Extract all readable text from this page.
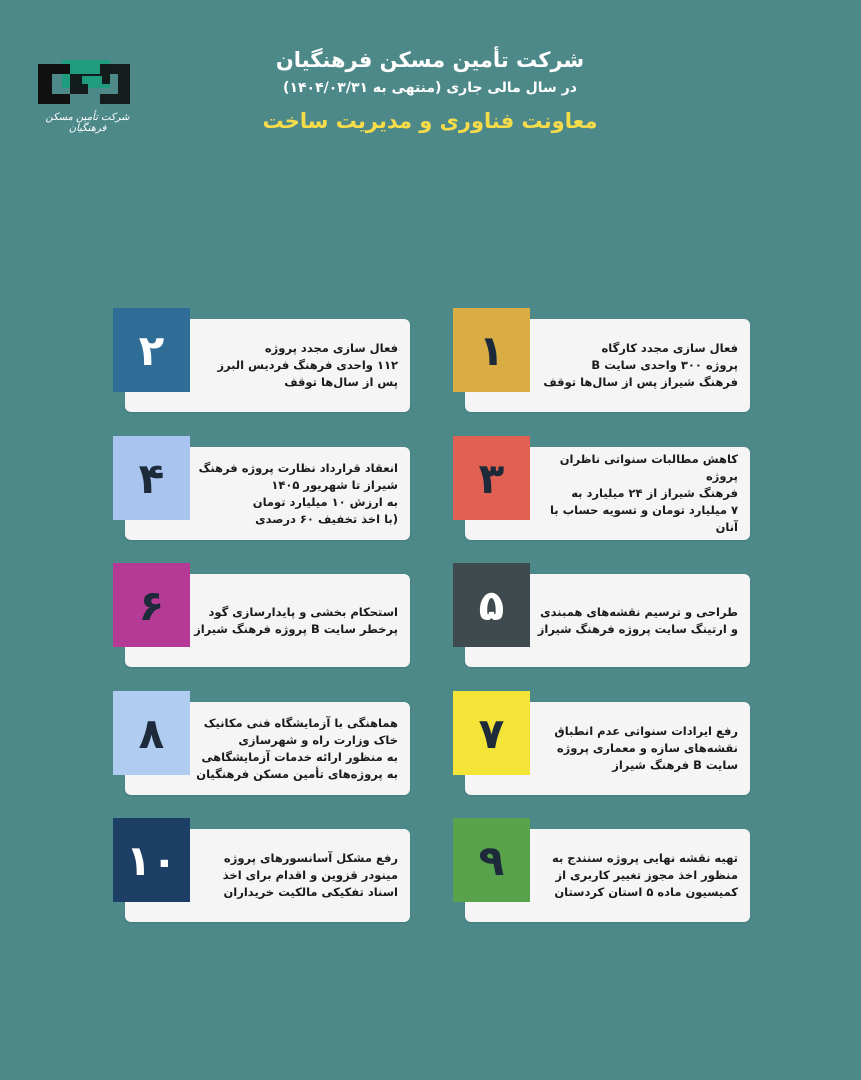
شرکت تأمین مسکن فرهنگیان
شرکت تأمین مسکن فرهنگیان
در سال مالی جاری (منتهی به ۱۴۰۴/۰۳/۳۱)
معاونت فناوری و مدیریت ساخت
فعال سازی مجدد کارگاه
پروژه ۳۰۰ واحدی سایت B
فرهنگ شیراز پس از سال‌ها توقف
۱
فعال سازی مجدد پروژه
۱۱۲ واحدی فرهنگ فردیس البرز
پس از سال‌ها توقف
۲
کاهش مطالبات سنواتی ناظران پروژه
فرهنگ شیراز از ۲۴ میلیارد به
۷ میلیارد تومان و تسویه حساب با آنان
۳
انعقاد قرارداد نظارت پروژه فرهنگ
شیراز تا شهریور ۱۴۰۵
به ارزش ۱۰ میلیارد تومان
(با اخذ تخفیف ۶۰ درصدی
۴
طراحی و ترسیم نقشه‌های همبندی
و ارتینگ سایت پروژه فرهنگ شیراز
۵
استحکام بخشی و پایدارسازی گود
پرخطر سایت B پروژه فرهنگ شیراز
۶
رفع ایرادات سنواتی عدم انطباق
نقشه‌های سازه و معماری پروژه
سایت B فرهنگ شیراز
۷
هماهنگی با آزمایشگاه فنی مکانیک
خاک وزارت راه و شهرسازی
به منظور ارائه خدمات آزمایشگاهی
به پروژه‌های تأمین مسکن فرهنگیان
۸
تهیه نقشه نهایی پروژه سنندج به
منظور اخذ مجوز تغییر کاربری از
کمیسیون ماده ۵ استان کردستان
۹
رفع مشکل آسانسورهای پروژه
مینودر قزوین و اقدام برای اخذ
اسناد تفکیکی مالکیت خریداران
۱۰
